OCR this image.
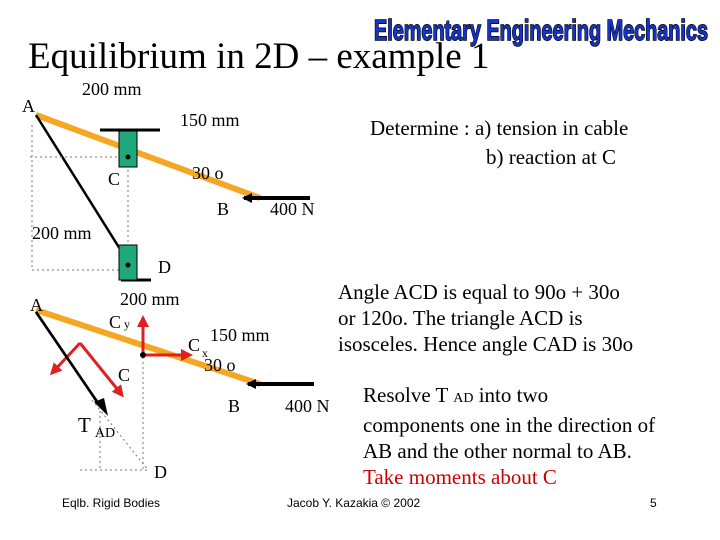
Equilibrium in 2D – example 1
Elementary Engineering Mechanics
200 mm
A
150 mm
C	30 o
B 400 N
200 mm
D
Determine : a) tension in cable
b) reaction at C
A	200 mm
Cy
C $_x$
150 mm
30 o
C
B 400 N
T $_{AD}$
D
Angle ACD is equal to 90o + 30o
or 120o. The triangle ACD is
isosceles. Hence angle CAD is 30o
Resolve T AD into two
components one in the direction of
AB and the other normal to AB.
Take moments about C
Eqlb. Rigid Bodies	Jacob Y. Kazakia © 2002	5
